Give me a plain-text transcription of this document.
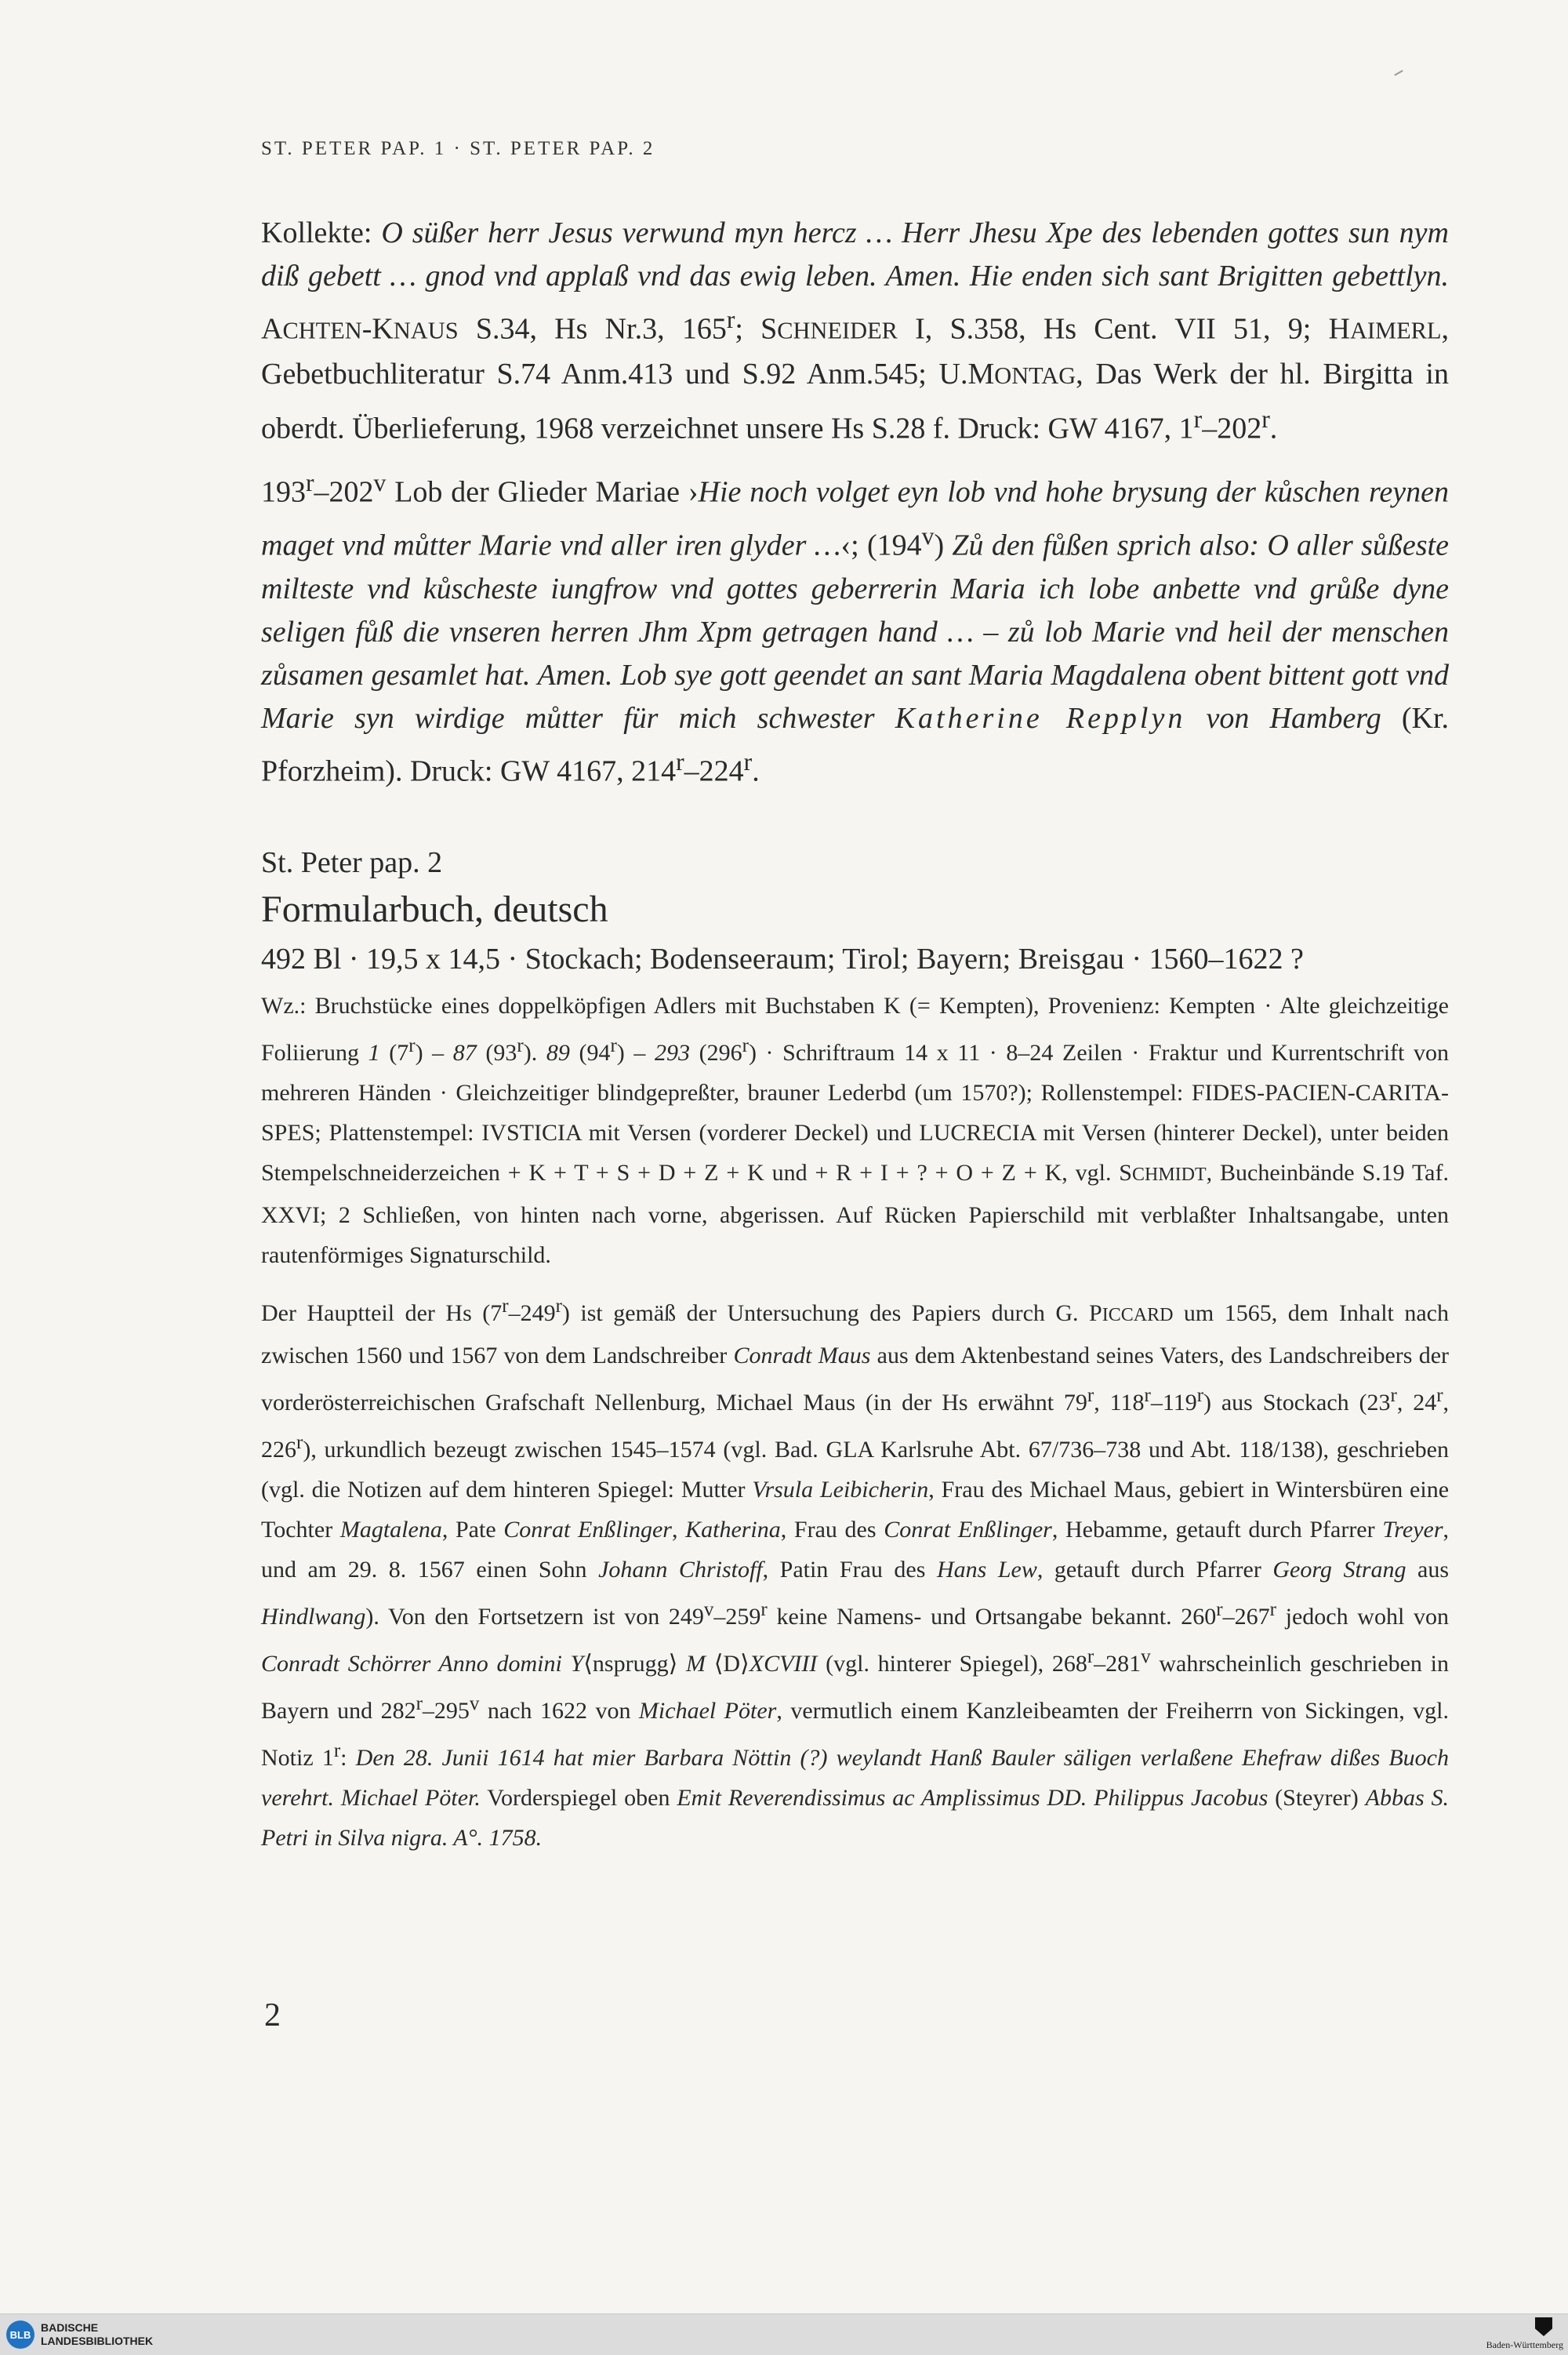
ST. PETER PAP. 1 · ST. PETER PAP. 2

Kollekte: O süßer herr Jesus verwund myn hercz … Herr Jhesu Xpe des lebenden gottes sun nym diß gebett … gnod vnd applaß vnd das ewig leben. Amen. Hie enden sich sant Brigitten gebettlyn. ACHTEN-KNAUS S.34, Hs Nr.3, 165$^r$; SCHNEIDER I, S.358, Hs Cent. VII 51, 9; HAIMERL, Gebetbuchliteratur S.74 Anm.413 und S.92 Anm.545; U.MONTAG, Das Werk der hl. Birgitta in oberdt. Überlieferung, 1968 verzeichnet unsere Hs S.28 f. Druck: GW 4167, 1$^r$–202$^r$.

193$^r$–202$^v$ Lob der Glieder Mariae ›Hie noch volget eyn lob vnd hohe brysung der kůschen reynen maget vnd můtter Marie vnd aller iren glyder …‹; (194$^v$) Zů den fůßen sprich also: O aller sůßeste milteste vnd kůscheste iungfrow vnd gottes geberrerin Maria ich lobe anbette vnd grůße dyne seligen fůß die vnseren herren Jhm Xpm getragen hand … – zů lob Marie vnd heil der menschen zůsamen gesamlet hat. Amen. Lob sye gott geendet an sant Maria Magdalena obent bittent gott vnd Marie syn wirdige můtter für mich schwester Katherine Repplyn von Hamberg (Kr. Pforzheim). Druck: GW 4167, 214$^r$–224$^r$.

St. Peter pap. 2
Formularbuch, deutsch
492 Bl · 19,5 x 14,5 · Stockach; Bodenseeraum; Tirol; Bayern; Breisgau · 1560–1622 ?

Wz.: Bruchstücke eines doppelköpfigen Adlers mit Buchstaben K (= Kempten), Provenienz: Kempten · Alte gleichzeitige Foliierung 1 (7$^r$) – 87 (93$^r$). 89 (94$^r$) – 293 $(296^r)$ · Schriftraum 14 x 11 · 8–24 Zeilen · Fraktur und Kurrentschrift von mehreren Händen · Gleichzeitiger blindgepreßter, brauner Lederbd (um 1570?); Rollenstempel: FIDES-PACIEN-CARITA-SPES; Plattenstempel: IVSTICIA mit Versen (vorderer Deckel) und LUCRECIA mit Versen (hinterer Deckel), unter beiden Stempelschneiderzeichen + K + T + S + D + Z + K und + R + I + ? + O + Z + K, vgl. SCHMIDT, Bucheinbände S.19 Taf. XXVI; 2 Schließen, von hinten nach vorne, abgerissen. Auf Rücken Papierschild mit verblaßter Inhaltsangabe, unten rautenförmiges Signaturschild.

Der Hauptteil der Hs (7$^r$–249$^r$) ist gemäß der Untersuchung des Papiers durch G. PICCARD um 1565, dem Inhalt nach zwischen 1560 und 1567 von dem Landschreiber Conradt Maus aus dem Aktenbestand seines Vaters, des Landschreibers der vorderösterreichischen Grafschaft Nellenburg, Michael Maus (in der Hs erwähnt 79$^r$, 118$^r$–119$^r$) aus Stockach (23$^r$, 24$^r$, 226$^r$), urkundlich bezeugt zwischen 1545–1574 (vgl. Bad. GLA Karlsruhe Abt. 67/736–738 und Abt. 118/138), geschrieben (vgl. die Notizen auf dem hinteren Spiegel: Mutter Vrsula Leibicherin, Frau des Michael Maus, gebiert in Wintersbüren eine Tochter Magtalena, Pate Conrat Enßlinger, Katherina, Frau des Conrat Enßlinger, Hebamme, getauft durch Pfarrer Treyer, und am 29. 8. 1567 einen Sohn Johann Christoff, Patin Frau des Hans Lew, getauft durch Pfarrer Georg Strang aus Hindlwang). Von den Fortsetzern ist von 249$^v$–259$^r$ keine Namens- und Ortsangabe bekannt. 260$^r$–267$^r$ jedoch wohl von Conradt Schörrer Anno domini Y⟨nsprugg⟩ M ⟨D⟩XCVIII (vgl. hinterer Spiegel), 268$^r$–281$^v$ wahrscheinlich geschrieben in Bayern und 282$^r$–295$^v$ nach 1622 von Michael Pöter, vermutlich einem Kanzleibeamten der Freiherrn von Sickingen, vgl. Notiz 1$^r$: Den 28. Junii 1614 hat mier Barbara Nöttin (?) weylandt Hanß Bauler säligen verlaßene Ehefraw dißes Buoch verehrt. Michael Pöter. Vorderspiegel oben Emit Reverendissimus ac Amplissimus DD. Philippus Jacobus (Steyrer) Abbas S. Petri in Silva nigra. A°. 1758.

2
BLB
BADISCHE
LANDESBIBLIOTHEK	Baden-Württemberg
